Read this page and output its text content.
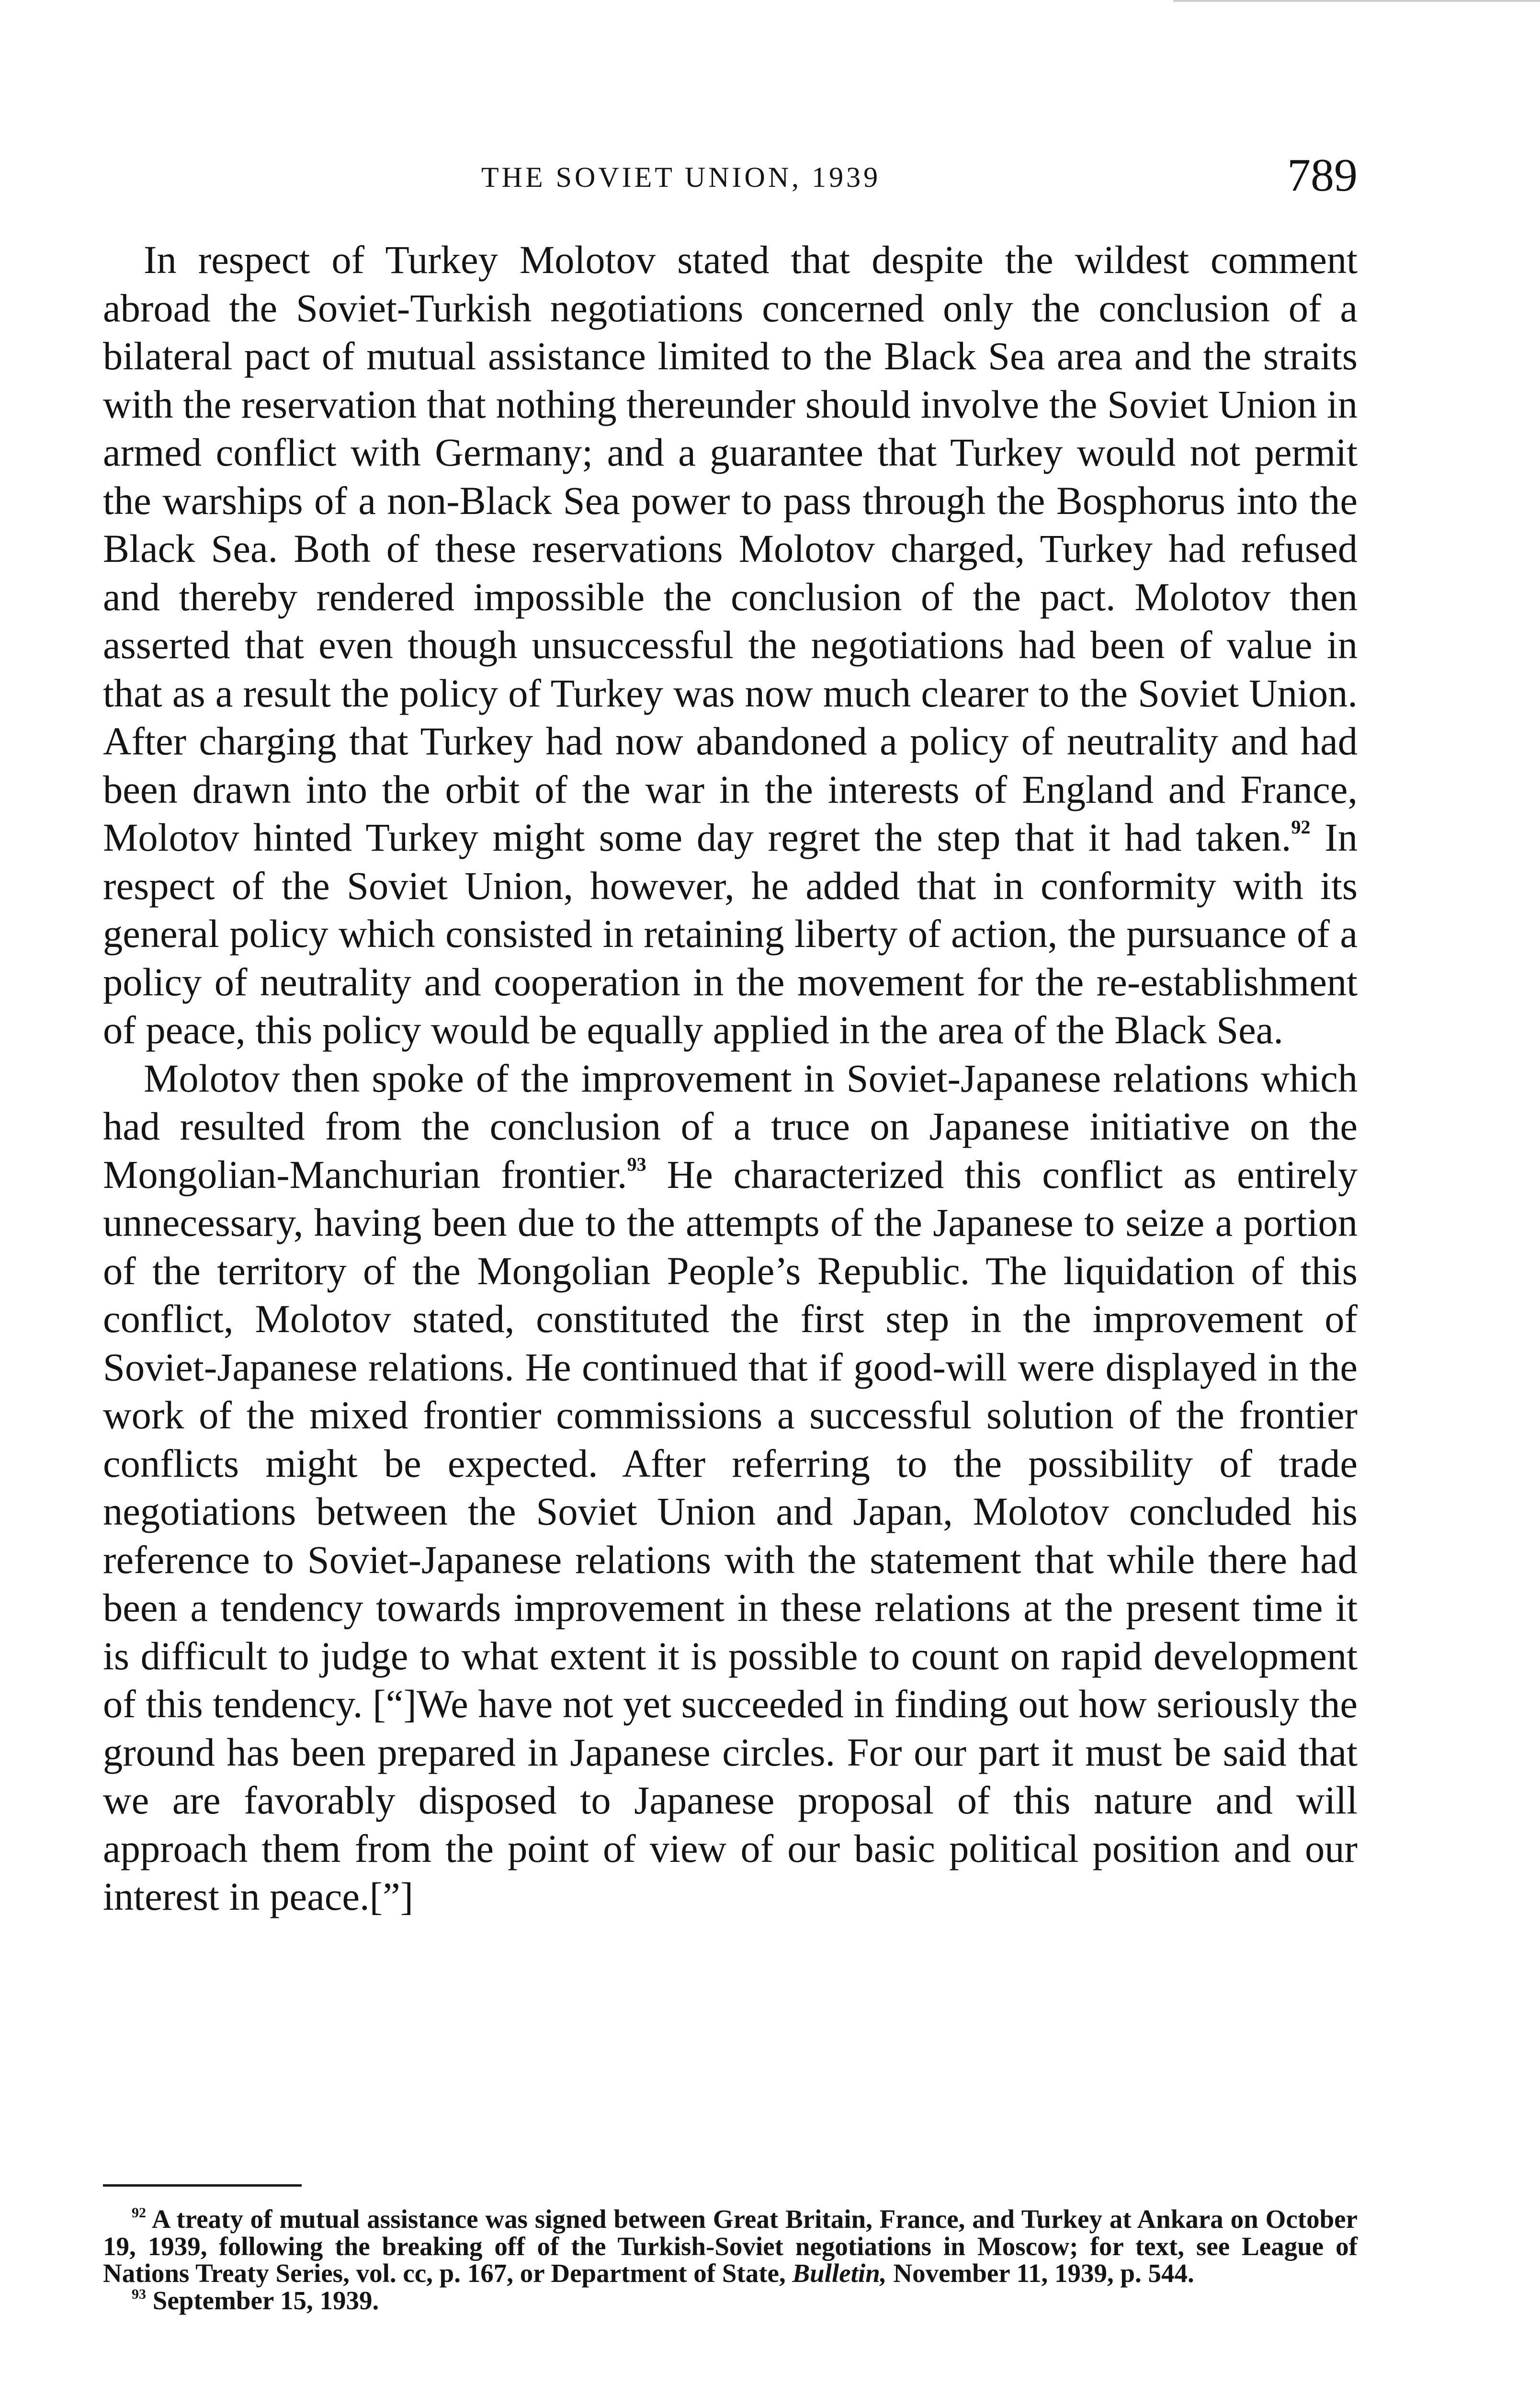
THE SOVIET UNION, 1939	789

In respect of Turkey Molotov stated that despite the wildest comment abroad the Soviet-Turkish negotiations concerned only the conclusion of a bilateral pact of mutual assistance limited to the Black Sea area and the straits with the reservation that nothing thereunder should involve the Soviet Union in armed conflict with Germany; and a guarantee that Turkey would not permit the warships of a non-Black Sea power to pass through the Bosphorus into the Black Sea. Both of these reservations Molotov charged, Turkey had refused and thereby rendered impossible the conclusion of the pact. Molotov then asserted that even though unsuccessful the negotiations had been of value in that as a result the policy of Turkey was now much clearer to the Soviet Union. After charging that Turkey had now abandoned a policy of neutrality and had been drawn into the orbit of the war in the interests of England and France, Molotov hinted Turkey might some day regret the step that it had taken.$^{92}$ In respect of the Soviet Union, however, he added that in conformity with its general policy which consisted in retaining liberty of action, the pursuance of a policy of neutrality and cooperation in the movement for the re-establishment of peace, this policy would be equally applied in the area of the Black Sea.

Molotov then spoke of the improvement in Soviet-Japanese relations which had resulted from the conclusion of a truce on Japanese initiative on the Mongolian-Manchurian frontier.$^{93}$ He characterized this conflict as entirely unnecessary, having been due to the attempts of the Japanese to seize a portion of the territory of the Mongolian People’s Republic. The liquidation of this conflict, Molotov stated, constituted the first step in the improvement of Soviet-Japanese relations. He continued that if good-will were displayed in the work of the mixed frontier commissions a successful solution of the frontier conflicts might be expected. After referring to the possibility of trade negotiations between the Soviet Union and Japan, Molotov concluded his reference to Soviet-Japanese relations with the statement that while there had been a tendency towards improvement in these relations at the present time it is difficult to judge to what extent it is possible to count on rapid development of this tendency. [“]We have not yet succeeded in finding out how seriously the ground has been prepared in Japanese circles. For our part it must be said that we are favorably disposed to Japanese proposal of this nature and will approach them from the point of view of our basic political position and our interest in peace.[”]

$^{92}$ A treaty of mutual assistance was signed between Great Britain, France, and Turkey at Ankara on October 19, 1939, following the breaking off of the Turkish-Soviet negotiations in Moscow; for text, see League of Nations Treaty Series, vol. cc, p. 167, or Department of State, Bulletin, November 11, 1939, p. 544.

$^{93}$ September 15, 1939.
